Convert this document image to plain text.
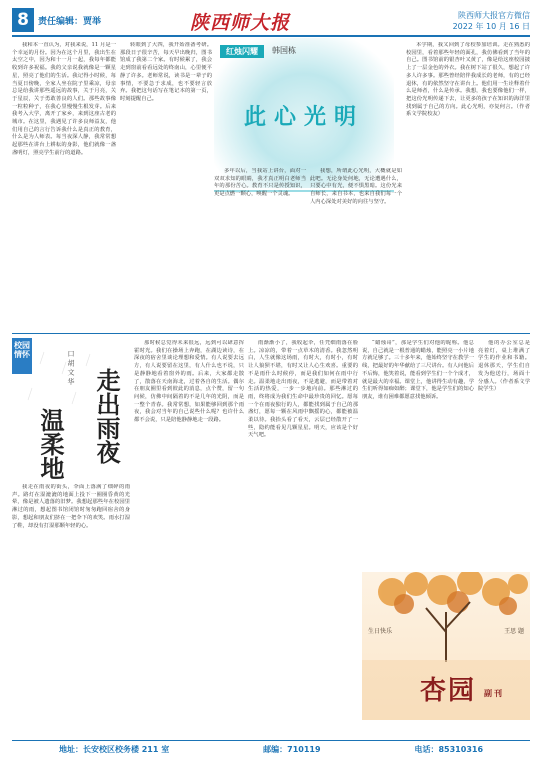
8	责任编辑：贾举	陕西师大报	陕西师大报官方微信
2022 年 10 月 16 日
我和本一直认为，对我来说，11 月是一个幸运的月份。因为在这个月里，我出生在太空之中，因为和十一月一起，我每年都能收到许多祝福。我的父亲说我就像是一颗星星，照亮了他们的生活。我记得小时候，每当夏日傍晚，全家人坐在院子里乘凉，母亲总是给我讲那些遥远的故事，关于月亮，关于星辰，关于勇敢善良的人们。那些故事像一粒粒种子，在我心里慢慢生根发芽。后来我考入大学，离开了家乡，来到这座古老的城市。在这里，我遇见了许多良师益友，他们用自己的言行告诉我什么是真正的教育，什么是为人师表。每当夜深人静，我常常想起那些在讲台上耕耘的身影，他们就像一盏盏明灯，照亮学生前行的道路。
转眼到了大四，我开始准备考研。那段日子很辛苦，每天早出晚归，图书馆成了我第二个家。有时候累了，我会走到窗前看看远处的终南山，心里便平静了许多。老师常说，读书是一辈子的事情，不要急于求成，也不要轻言放弃。我把这句话写在笔记本的第一页，时刻提醒自己。
红烛闪耀	韩国栋
此心光明
多年以后，当我站上讲台，面对一双双求知的眼睛，我才真正明白老师当年的那份苦心。教育不只是传授知识，更是点燃一颗心，唤醒一个灵魂。
我想，所谓此心光明，大概就是如此吧。无论身处何地，无论遭遇什么，只要心中有光，便不惧黑暗。这份光来自师长，来自书本，也来自我们每一个人内心深处对美好的向往与坚守。
本学期，我又回到了母校参加培训。走在熟悉的校园里，看着那些年轻的面孔，我仿佛看到了当年的自己。图书馆前的银杏叶又黄了，像是给这座校园披上了一层金色的外衣。我在树下站了很久，想起了许多人许多事。那些曾经陪伴我成长的老师，有的已经退休，有的依然坚守在讲台上。他们用一生诠释着什么是师者，什么是传承。我想，我也要像他们一样，把这份光明传递下去，让更多的孩子在知识的海洋里找到属于自己的方向。此心光明，亦复何言。（作者系文学院校友）
校园情怀
走出雨夜
口 胡 文 华
温柔地
我走在雨夜的街头，伞面上落满了细碎的雨声。路灯在湿漉漉的地面上投下一圈圈昏黄的光晕，像是被人遗落的旧梦。我想起那些年在校园里淋过的雨，想起图书馆闭馆时匆匆跑回宿舍的身影，想起和朋友们挤在一把伞下的欢笑。雨水打湿了鞋，却没有打湿那颗年轻的心。
那时候总觉得未来很远，远到可以肆意挥霍时光。我们在操场上奔跑，在湖边读诗，在深夜的宿舍里谈论理想和爱情。有人说要去远方，有人说要留在这里，有人什么也不说，只是静静地看着窗外的雨。后来，大家都走散了，散落在天南海北，过着各自的生活。偶尔在朋友圈里看到彼此的消息，点个赞，留一句问候，仿佛中间隔着的不是几年的光阴，而是一整个青春。我常常想，如果能够回到那个雨夜，我会对当年的自己说些什么呢？也许什么都不会说，只是陪他静静地走一段路。
雨渐渐小了，我收起伞，任凭细雨落在脸上。凉凉的，带着一点草木的清香。我忽然明白，人生就像这场雨，有时大，有时小，有时让人狼狈不堪，有时又让人心生欢喜。重要的不是雨什么时候停，而是我们如何在雨中行走。温柔地走出雨夜，不是逃避，而是带着对生活的热爱，一步一步地向前。那些淋过的雨，终将成为我们生命中最珍贵的回忆。愿每一个在雨夜独行的人，都能找到属于自己的那盏灯，愿每一颗在风雨中飘摇的心，都能被温柔以待。我抬头看了看天，云层已经散开了一些，隐约能看见几颗星星。明天，应该是个好天气吧。
“蜡烛哥”，那是学生们对他的昵称。他总说，自己就是一根普通的蜡烛，能照亮一小片地方就足够了。三十多年来，他始终坚守在教学一线，把最好的年华献给了三尺讲台。有人问他后不后悔，他笑着说，能看到学生们一个个成才，就是最大的幸福。课堂上，他讲得生动有趣，学生们听得如痴如醉；课堂下，他是学生们的知心朋友，谁有困难都愿意找他倾诉。
他的办公室总是亮着灯，桌上堆满了学生的作业和书籍。退休那天，学生们自发为他送行，场面十分感人。（作者系文学院学生）
生日快乐	王思 题
杏园 副刊
地址：长安校区校务楼 211 室	邮编：710119	电话：85310316
